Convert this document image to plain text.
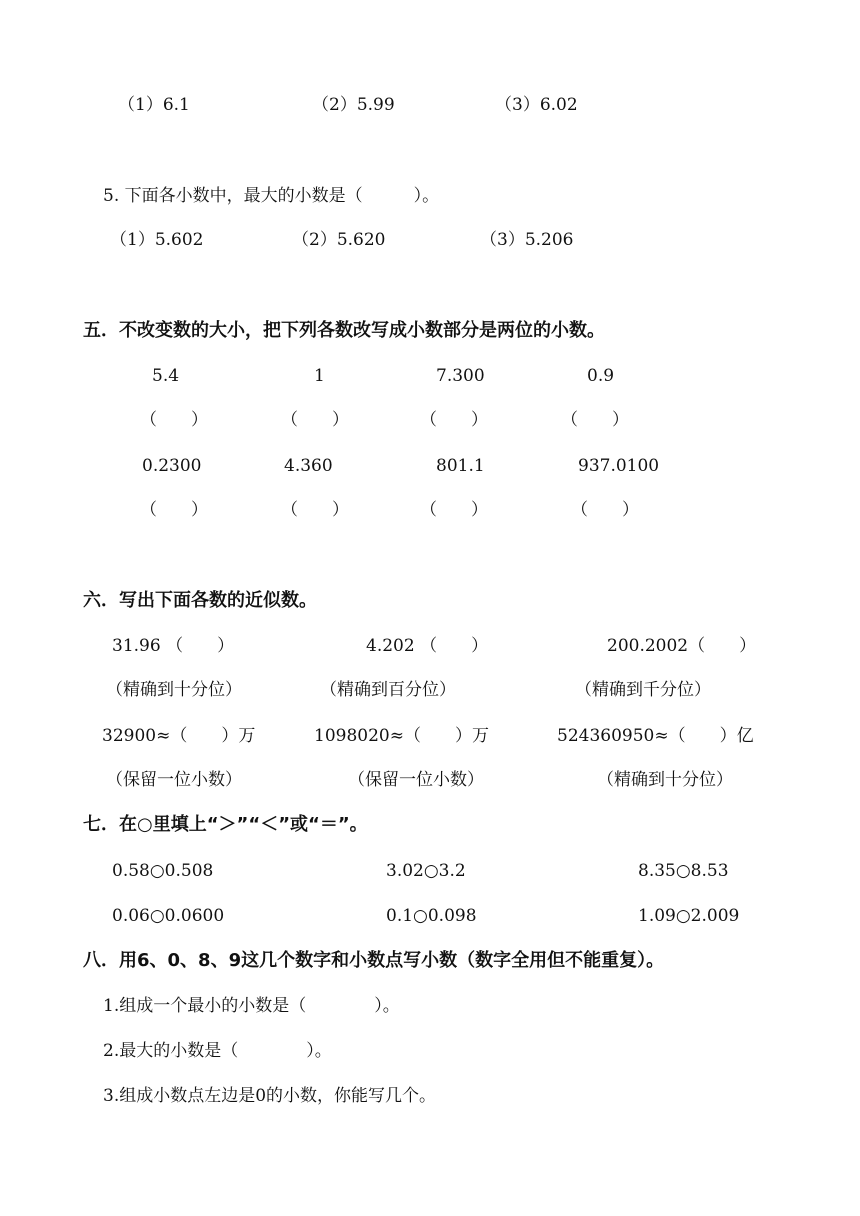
（1）6.1	（2）5.99	（3）6.02
5. 下面各小数中，最大的小数是（　　　）。
（1）5.602	（2）5.620	（3）5.206
五．不改变数的大小，把下列各数改写成小数部分是两位的小数。
5.4	1	7.300	0.9
（　　）	（　　）	（　　）	（　　）
0.2300	4.360	801.1	937.0100
（　　）	（　　）	（　　）	（　　）
六．写出下面各数的近似数。
31.96 （　　）	4.202 （　　）	200.2002（　　）
（精确到十分位）	（精确到百分位）	（精确到千分位）
32900≈（　　）万	1098020≈（　　）万	524360950≈（　　）亿
（保留一位小数）	（保留一位小数）	（精确到十分位）
七．在○里填上“＞”“＜”或“＝”。
0.58○0.508	3.02○3.2	8.35○8.53
0.06○0.0600	0.1○0.098	1.09○2.009
八．用6、0、8、9这几个数字和小数点写小数（数字全用但不能重复）。
1.组成一个最小的小数是（　　　　）。
2.最大的小数是（　　　　）。
3.组成小数点左边是0的小数，你能写几个。
